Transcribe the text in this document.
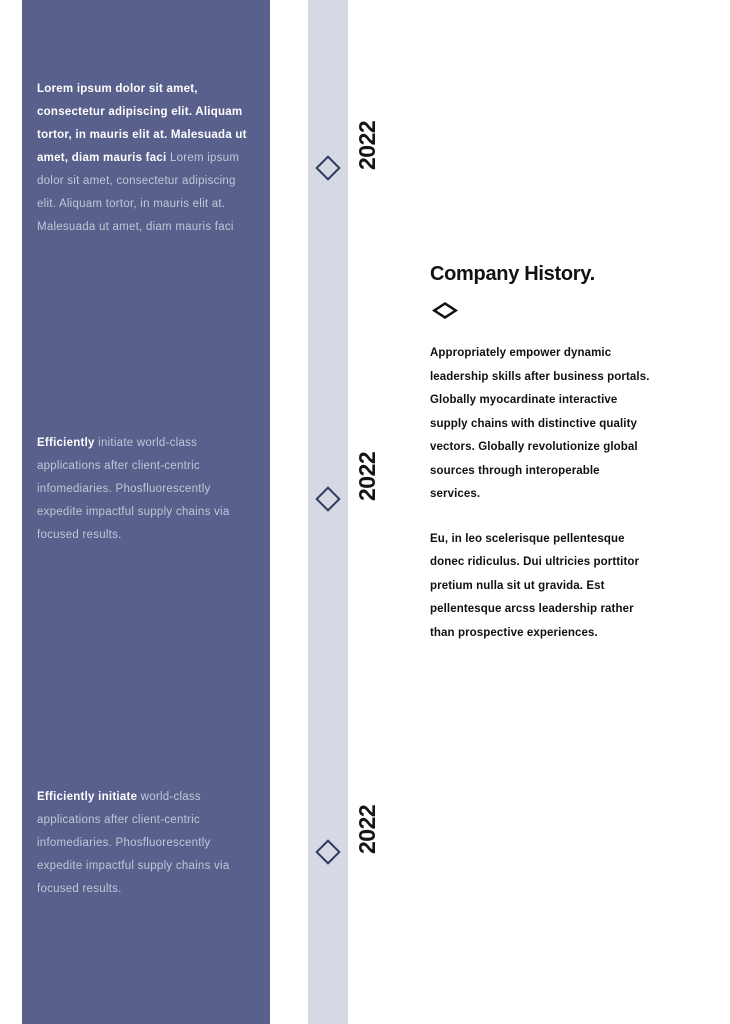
Lorem ipsum dolor sit amet, consectetur adipiscing elit. Aliquam tortor, in mauris elit at. Malesuada ut amet, diam mauris faci Lorem ipsum dolor sit amet, consectetur adipiscing elit. Aliquam tortor, in mauris elit at. Malesuada ut amet, diam mauris faci
Efficiently initiate world-class applications after client-centric infomediaries. Phosfluorescently expedite impactful supply chains via focused results.
Efficiently initiate world-class applications after client-centric infomediaries. Phosfluorescently expedite impactful supply chains via focused results.
2022
2022
2022
Company History.

Appropriately empower dynamic leadership skills after business portals. Globally myocardinate interactive supply chains with distinctive quality vectors. Globally revolutionize global sources through interoperable services.

Eu, in leo scelerisque pellentesque donec ridiculus. Dui ultricies porttitor pretium nulla sit ut gravida. Est pellentesque arcss leadership rather than prospective experiences.
